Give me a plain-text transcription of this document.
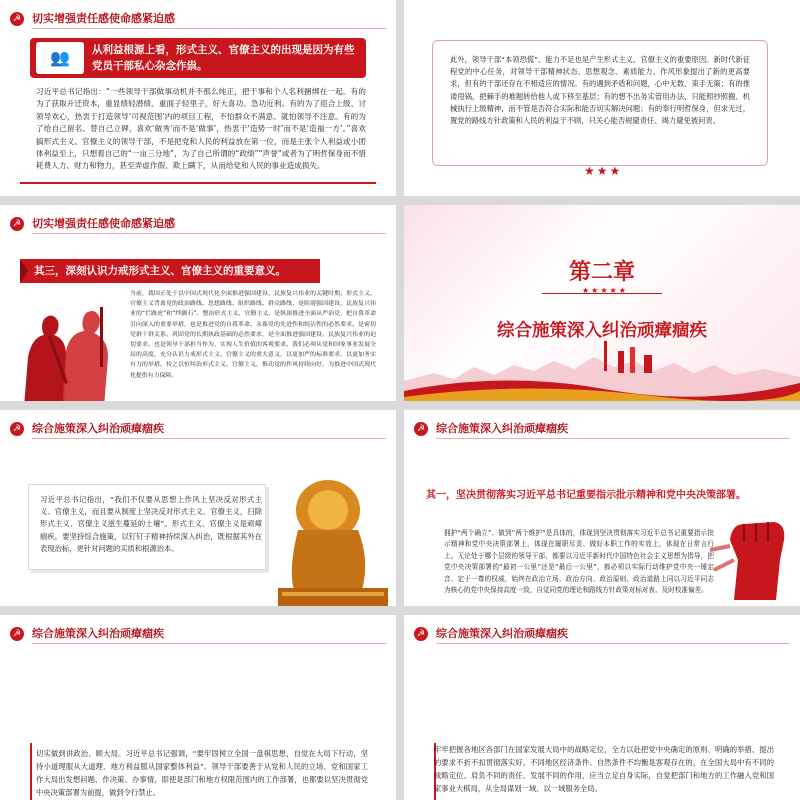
☭ 切实增强责任感使命感紧迫感
👥	从利益根源上看，形式主义、官僚主义的出现是因为有些党员干部私心杂念作祟。
习近平总书记指出：“一些领导干部做事动机并不那么纯正，把干事和个人名利捆绑在一起。有的为了获取升迁资本，重显绩轻潜绩、重面子轻里子，好大喜功、急功近利。有的为了迎合上级、讨领导欢心，热衷于打造领导‘可视范围’内的项目工程，不怕群众不满意、就怕领导不注意。有的为了给自己留名、替自己立碑，喜欢‘做秀’而不是‘做事’，热衷于‘造势一时’而不是‘造福一方’。”喜欢搞形式主义、官僚主义的领导干部，不是把党和人民的利益放在第一位，而是主张个人利益或小团体利益至上，只想着自己的“一亩三分地”，为了自己所谓的“政绩”“声誉”或者为了明哲保身而不惜耗费人力、财力和物力，甚至弄虚作假、欺上瞒下，从而给党和人民的事业造成损失。
此外，领导干部“本领恐慌”、能力不足也是产生形式主义、官僚主义的重要原因。新时代新征程党的中心任务，对领导干部精神状态、思想观念、素质能力、作风形象提出了新的更高要求，但有的干部还存在不相适应的情况。有的遇到矛盾和问题，心中无数、束手无策；有的推诿甩锅，把棘手的难题转给他人或下移至基层；有的想不出务实管用办法，只能照抄照搬、机械执行上级精神，而不管是否符合实际和能否切实解决问题；有的奉行明哲保身，但求无过，置党的路线方针政策和人民的利益于不顾，只关心能否规避责任、竭力避免被问责。
★★★
☭ 切实增强责任感使命感紧迫感
其三，深刻认识力戒形式主义、官僚主义的重要意义。
当前，我国正处于以中国式现代化全面推进强国建设、民族复兴伟业的关键时期。形式主义、官僚主义背离党的政治路线、思想路线、组织路线、群众路线，是阻碍强国建设、民族复兴伟业的“拦路虎”和“绊脚石”。整治形式主义、官僚主义，是纵深推进全面从严治党、把自我革命引向深入的重要举措，也是推进党的自我革命、永葆党的先进性和纯洁性的必然要求。是密切党群干群关系、巩固党的长期执政基础的必然要求，是全面推进强国建设、民族复兴伟业的迫切要求。也是领导干部担当作为、实现人生价值的客观要求。我们必须从党和国家事业发展全局的高度，充分认识力戒形式主义、官僚主义的重大意义，以更加严的标准要求，以更加务实有力的举措，持之以恒纠治形式主义、官僚主义，推动党的作风持续向好，为推进中国式现代化提供有力保障。
第二章
★★★★★
综合施策深入纠治顽瘴痼疾
☭ 综合施策深入纠治顽瘴痼疾
习近平总书记指出，“我们不仅要从思想上作风上坚决反对形式主义、官僚主义，而且要从制度上坚决反对形式主义、官僚主义，扫除形式主义、官僚主义滋生蔓延的土壤”。形式主义、官僚主义是顽瘴痼疾，要坚持综合施策，以钉钉子精神持续深入纠治，既根据其外在表现治标，更针对问题的实质和根源治本。
☭ 综合施策深入纠治顽瘴痼疾
其一，坚决贯彻落实习近平总书记重要指示批示精神和党中央决策部署。
拥护“两个确立”、做到“两个维护”是具体的，体现到坚决贯彻落实习近平总书记重要指示批示精神和党中央决策部署上，体现在履职尽责、做好本职工作的实效上，体现在日常言行上。无论处于哪个层级的领导干部，都要以习近平新时代中国特色社会主义思想为指导，把党中央决策部署的“最初一公里”还是“最后一公里”，都必须以实际行动维护党中央一锤定音、定于一尊的权威，始终在政治立场、政治方向、政治原则、政治道路上同以习近平同志为核心的党中央保持高度一致，自觉同党的理论和路线方针政策对标对表、及时校准偏差。
☭ 综合施策深入纠治顽瘴痼疾
切实做到讲政治、顾大局。习近平总书记强调，“要牢固树立全国一盘棋思想，自觉在大局下行动，坚持小道理服从大道理、地方利益服从国家整体利益”。领导干部要善于从党和人民的立场、党和国家工作大局出发想问题、作决策、办事情，即使是部门和地方权限范围内的工作部署，也都要以坚决贯彻党中央决策部署为前提，做到令行禁止。
☭ 综合施策深入纠治顽瘴痼疾
牢牢把握各地区各部门在国家发展大局中的战略定位，全力以赴把党中央确定的原则、明确的举措、提出的要求不折不扣贯彻落实好。不同地区经济条件、自然条件不均衡是客观存在的，在全国大局中有不同的战略定位、肩负不同的责任、发展不同的作用，应当立足自身实际，自觉把部门和地方的工作融入党和国家事业大棋局，从全局谋划一域、以一域服务全局。
